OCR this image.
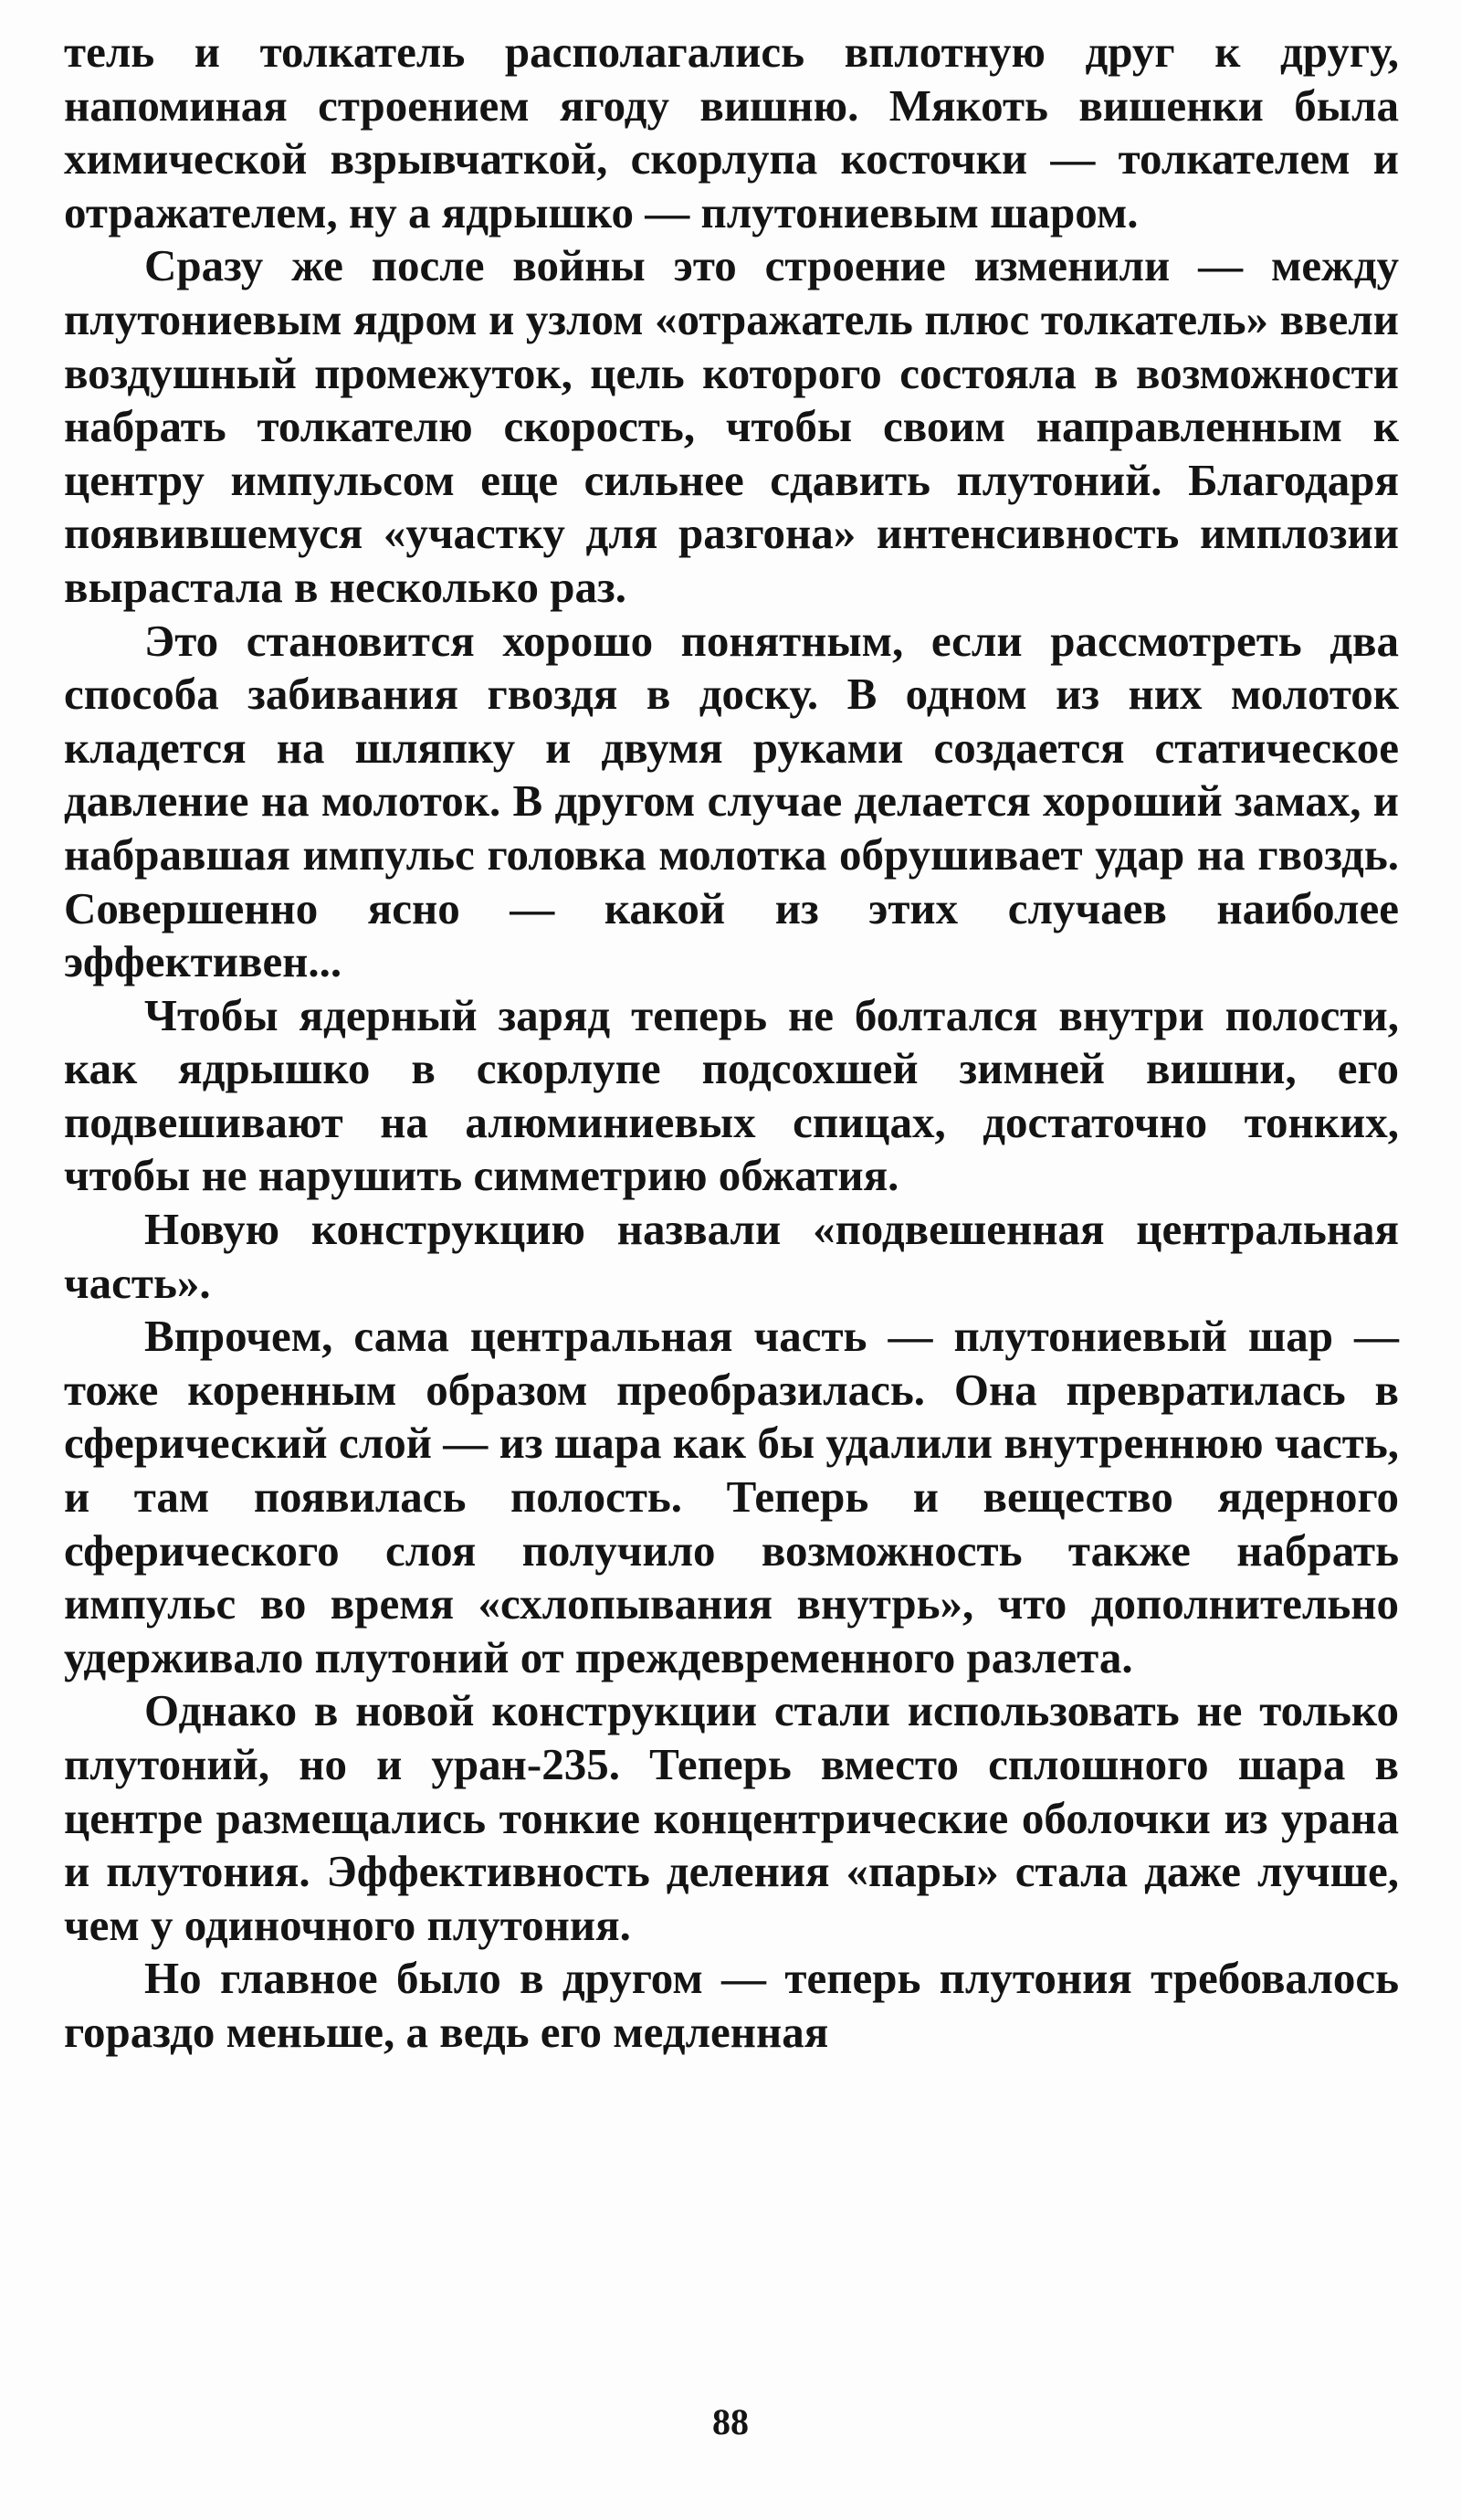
тель и толкатель располагались вплотную друг к другу, напоминая строением ягоду вишню. Мякоть вишенки была химической взрывчаткой, скорлупа косточки — толкателем и отражателем, ну а ядрышко — плутониевым шаром.

Сразу же после войны это строение изменили — между плутониевым ядром и узлом «отражатель плюс толкатель» ввели воздушный промежуток, цель которого состояла в возможности набрать толкателю скорость, чтобы своим направленным к центру импульсом еще сильнее сдавить плутоний. Благодаря появившемуся «участку для разгона» интенсивность имплозии вырастала в несколько раз.

Это становится хорошо понятным, если рассмотреть два способа забивания гвоздя в доску. В одном из них молоток кладется на шляпку и двумя руками создается статическое давление на молоток. В другом случае делается хороший замах, и набравшая импульс головка молотка обрушивает удар на гвоздь. Совершенно ясно — какой из этих случаев наиболее эффективен...

Чтобы ядерный заряд теперь не болтался внутри полости, как ядрышко в скорлупе подсохшей зимней вишни, его подвешивают на алюминиевых спицах, достаточно тонких, чтобы не нарушить симметрию обжатия.

Новую конструкцию назвали «подвешенная центральная часть».

Впрочем, сама центральная часть — плутониевый шар — тоже коренным образом преобразилась. Она превратилась в сферический слой — из шара как бы удалили внутреннюю часть, и там появилась полость. Теперь и вещество ядерного сферического слоя получило возможность также набрать импульс во время «схлопывания внутрь», что дополнительно удерживало плутоний от преждевременного разлета.

Однако в новой конструкции стали использовать не только плутоний, но и уран-235. Теперь вместо сплошного шара в центре размещались тонкие концентрические оболочки из урана и плутония. Эффективность деления «пары» стала даже лучше, чем у одиночного плутония.

Но главное было в другом — теперь плутония требовалось гораздо меньше, а ведь его медленная

88
